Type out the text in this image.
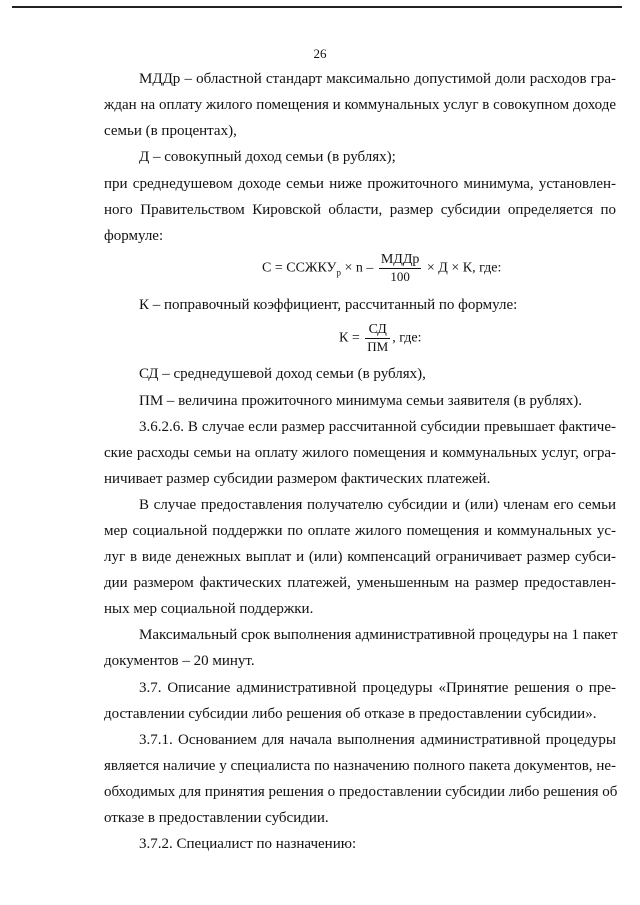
26
МДДр – областной стандарт максимально допустимой доли расходов гра-
ждан на оплату жилого помещения и коммунальных услуг в совокупном доходе
семьи (в процентах),
Д – совокупный доход семьи (в рублях);
при среднедушевом доходе семьи ниже прожиточного минимума, установлен-
ного Правительством Кировской области, размер субсидии определяется по
формуле:
$С = ССЖКУ_р \times n - \frac{\text{МДДр}}{100} \times Д \times К$, где:
К – поправочный коэффициент, рассчитанный по формуле:
$К = \frac{СД}{ПМ}$ , где:
СД – среднедушевой доход семьи (в рублях),
ПМ – величина прожиточного минимума семьи заявителя (в рублях).
3.6.2.6. В случае если размер рассчитанной субсидии превышает фактиче-
ские расходы семьи на оплату жилого помещения и коммунальных услуг, огра-
ничивает размер субсидии размером фактических платежей.
В случае предоставления получателю субсидии и (или) членам его семьи
мер социальной поддержки по оплате жилого помещения и коммунальных ус-
луг в виде денежных выплат и (или) компенсаций ограничивает размер субси-
дии размером фактических платежей, уменьшенным на размер предоставлен-
ных мер социальной поддержки.
Максимальный срок выполнения административной процедуры на 1 пакет
документов – 20 минут.
3.7. Описание административной процедуры «Принятие решения о пре-
доставлении субсидии либо решения об отказе в предоставлении субсидии».
3.7.1. Основанием для начала выполнения административной процедуры
является наличие у специалиста по назначению полного пакета документов, не-
обходимых для принятия решения о предоставлении субсидии либо решения об
отказе в предоставлении субсидии.
3.7.2. Специалист по назначению:
